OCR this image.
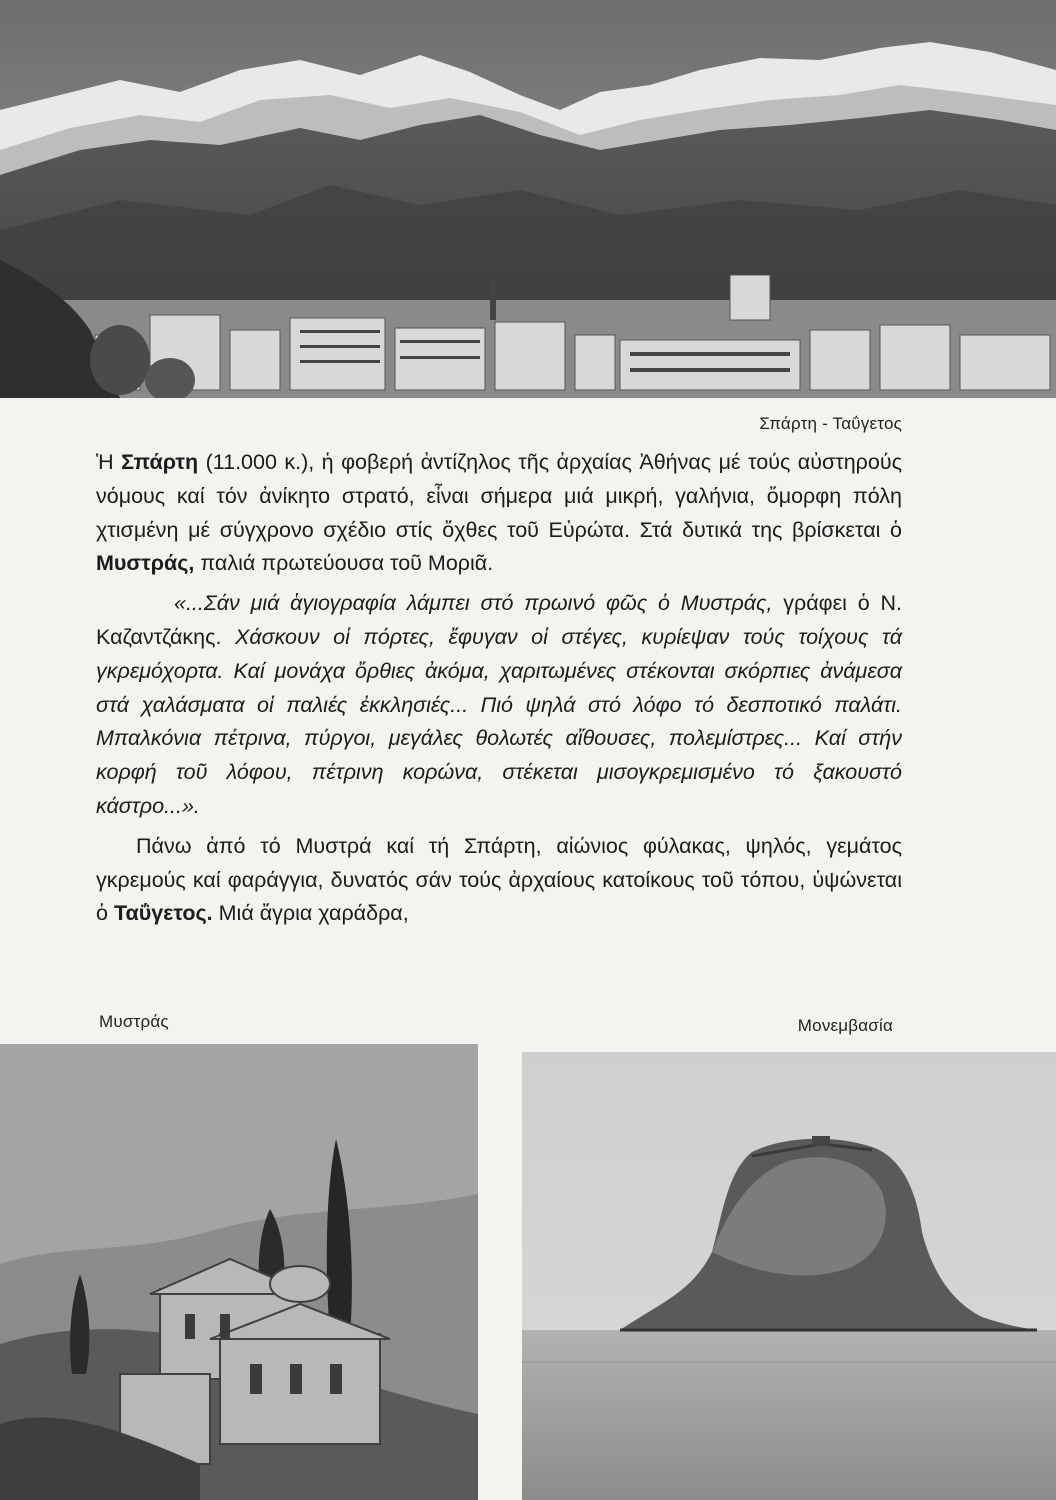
Σπάρτη - Ταΰγετος

Ἡ Σπάρτη (11.000 κ.), ἡ φοβερή ἀντίζηλος τῆς ἀρχαίας Ἀθήνας μέ τούς αὐστηρούς νόμους καί τόν ἀνίκητο στρατό, εἶναι σήμερα μιά μικρή, γαλήνια, ὄμορφη πόλη χτισμένη μέ σύγχρονο σχέδιο στίς ὄχθες τοῦ Εὐρώτα. Στά δυτικά της βρίσκεται ὁ Μυστράς, παλιά πρωτεύουσα τοῦ Μοριᾶ.

«...Σάν μιά ἁγιογραφία λάμπει στό πρωινό φῶς ὁ Μυστράς, γράφει ὁ Ν. Καζαντζάκης. Χάσκουν οἱ πόρτες, ἔφυγαν οἱ στέγες, κυρίεψαν τούς τοίχους τά γκρεμόχορτα. Καί μονάχα ὄρθιες ἀκόμα, χαριτωμένες στέκονται σκόρπιες ἀνάμεσα στά χαλάσματα οἱ παλιές ἐκκλησιές... Πιό ψηλά στό λόφο τό δεσποτικό παλάτι. Μπαλκόνια πέτρινα, πύργοι, μεγάλες θολωτές αἴθουσες, πολεμίστρες... Καί στήν κορφή τοῦ λόφου, πέτρινη κορώνα, στέκεται μισογκρεμισμένο τό ξακουστό κάστρο...».

Πάνω ἀπό τό Μυστρά καί τή Σπάρτη, αἰώνιος φύλακας, ψηλός, γεμάτος γκρεμούς καί φαράγγια, δυνατός σάν τούς ἀρχαίους κατοίκους τοῦ τόπου, ὑψώνεται ὁ Ταΰγετος. Μιά ἄγρια χαράδρα,

Μυστράς	Μονεμβασία
